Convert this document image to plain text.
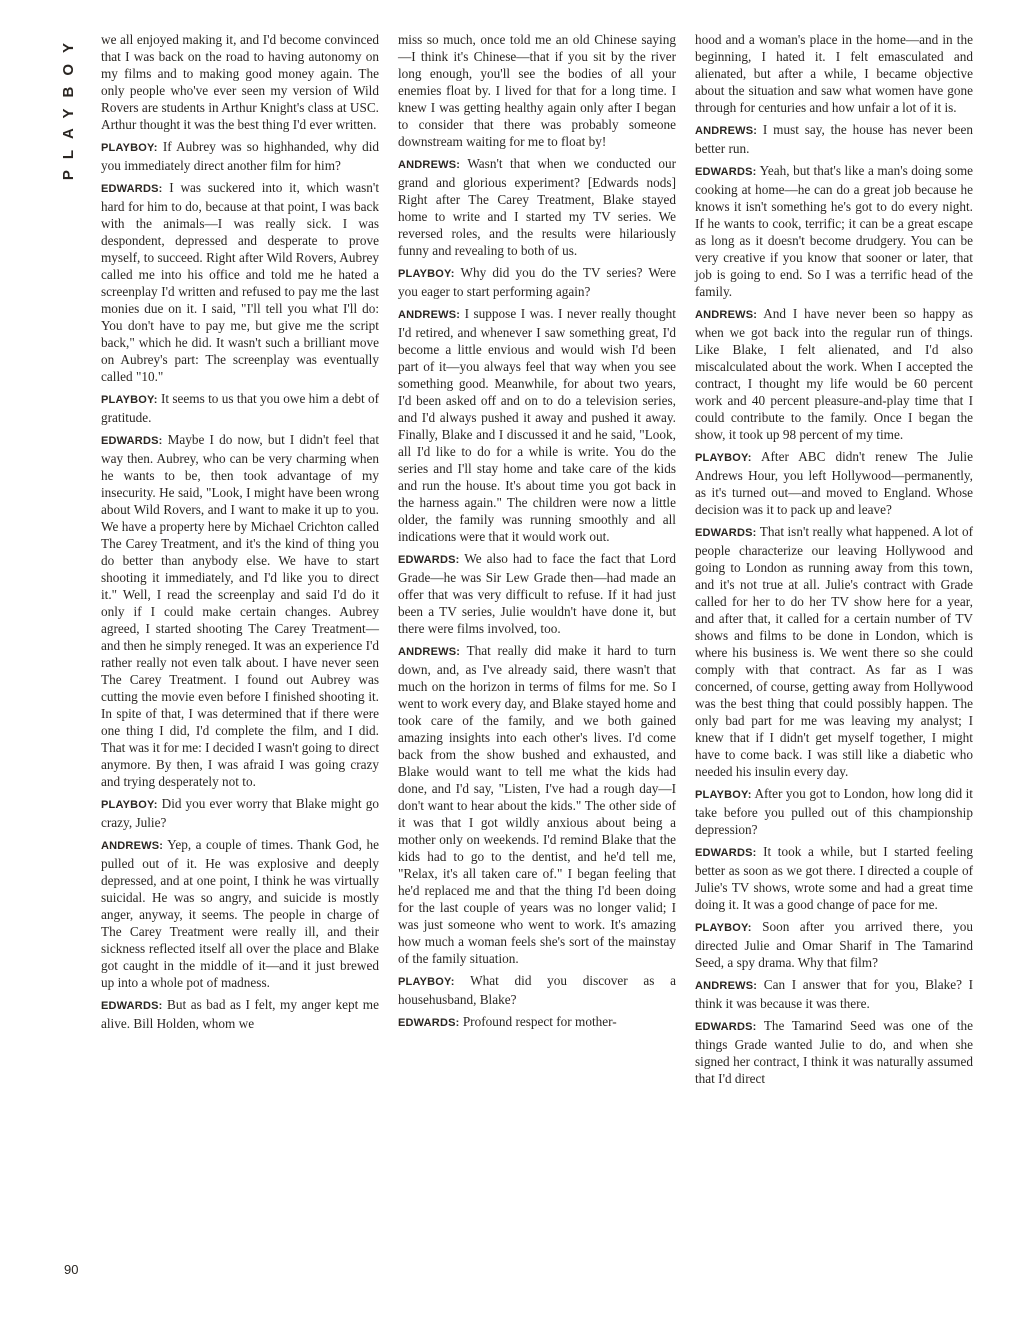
PLAYBOY
90

we all enjoyed making it, and I'd become convinced that I was back on the road to having autonomy on my films and to making good money again. The only people who've ever seen my version of Wild Rovers are students in Arthur Knight's class at USC. Arthur thought it was the best thing I'd ever written.

PLAYBOY: If Aubrey was so highhanded, why did you immediately direct another film for him?

EDWARDS: I was suckered into it, which wasn't hard for him to do, because at that point, I was back with the animals—I was really sick. I was despondent, depressed and desperate to prove myself, to succeed. Right after Wild Rovers, Aubrey called me into his office and told me he hated a screenplay I'd written and refused to pay me the last monies due on it. I said, "I'll tell you what I'll do: You don't have to pay me, but give me the script back," which he did. It wasn't such a brilliant move on Aubrey's part: The screenplay was eventually called "10."

PLAYBOY: It seems to us that you owe him a debt of gratitude.

EDWARDS: Maybe I do now, but I didn't feel that way then. Aubrey, who can be very charming when he wants to be, then took advantage of my insecurity. He said, "Look, I might have been wrong about Wild Rovers, and I want to make it up to you. We have a property here by Michael Crichton called The Carey Treatment, and it's the kind of thing you do better than anybody else. We have to start shooting it immediately, and I'd like you to direct it." Well, I read the screenplay and said I'd do it only if I could make certain changes. Aubrey agreed, I started shooting The Carey Treatment—and then he simply reneged. It was an experience I'd rather really not even talk about. I have never seen The Carey Treatment. I found out Aubrey was cutting the movie even before I finished shooting it. In spite of that, I was determined that if there were one thing I did, I'd complete the film, and I did. That was it for me: I decided I wasn't going to direct anymore. By then, I was afraid I was going crazy and trying desperately not to.

PLAYBOY: Did you ever worry that Blake might go crazy, Julie?

ANDREWS: Yep, a couple of times. Thank God, he pulled out of it. He was explosive and deeply depressed, and at one point, I think he was virtually suicidal. He was so angry, and suicide is mostly anger, anyway, it seems. The people in charge of The Carey Treatment were really ill, and their sickness reflected itself all over the place and Blake got caught in the middle of it—and it just brewed up into a whole pot of madness.

EDWARDS: But as bad as I felt, my anger kept me alive. Bill Holden, whom we

miss so much, once told me an old Chinese saying—I think it's Chinese—that if you sit by the river long enough, you'll see the bodies of all your enemies float by. I lived for that for a long time. I knew I was getting healthy again only after I began to consider that there was probably someone downstream waiting for me to float by!

ANDREWS: Wasn't that when we conducted our grand and glorious experiment? [Edwards nods] Right after The Carey Treatment, Blake stayed home to write and I started my TV series. We reversed roles, and the results were hilariously funny and revealing to both of us.

PLAYBOY: Why did you do the TV series? Were you eager to start performing again?

ANDREWS: I suppose I was. I never really thought I'd retired, and whenever I saw something great, I'd become a little envious and would wish I'd been part of it—you always feel that way when you see something good. Meanwhile, for about two years, I'd been asked off and on to do a television series, and I'd always pushed it away and pushed it away. Finally, Blake and I discussed it and he said, "Look, all I'd like to do for a while is write. You do the series and I'll stay home and take care of the kids and run the house. It's about time you got back in the harness again." The children were now a little older, the family was running smoothly and all indications were that it would work out.

EDWARDS: We also had to face the fact that Lord Grade—he was Sir Lew Grade then—had made an offer that was very difficult to refuse. If it had just been a TV series, Julie wouldn't have done it, but there were films involved, too.

ANDREWS: That really did make it hard to turn down, and, as I've already said, there wasn't that much on the horizon in terms of films for me. So I went to work every day, and Blake stayed home and took care of the family, and we both gained amazing insights into each other's lives. I'd come back from the show bushed and exhausted, and Blake would want to tell me what the kids had done, and I'd say, "Listen, I've had a rough day—I don't want to hear about the kids." The other side of it was that I got wildly anxious about being a mother only on weekends. I'd remind Blake that the kids had to go to the dentist, and he'd tell me, "Relax, it's all taken care of." I began feeling that he'd replaced me and that the thing I'd been doing for the last couple of years was no longer valid; I was just someone who went to work. It's amazing how much a woman feels she's sort of the mainstay of the family situation.

PLAYBOY: What did you discover as a househusband, Blake?

EDWARDS: Profound respect for mother-

hood and a woman's place in the home—and in the beginning, I hated it. I felt emasculated and alienated, but after a while, I became objective about the situation and saw what women have gone through for centuries and how unfair a lot of it is.

ANDREWS: I must say, the house has never been better run.

EDWARDS: Yeah, but that's like a man's doing some cooking at home—he can do a great job because he knows it isn't something he's got to do every night. If he wants to cook, terrific; it can be a great escape as long as it doesn't become drudgery. You can be very creative if you know that sooner or later, that job is going to end. So I was a terrific head of the family.

ANDREWS: And I have never been so happy as when we got back into the regular run of things. Like Blake, I felt alienated, and I'd also miscalculated about the work. When I accepted the contract, I thought my life would be 60 percent work and 40 percent pleasure-and-play time that I could contribute to the family. Once I began the show, it took up 98 percent of my time.

PLAYBOY: After ABC didn't renew The Julie Andrews Hour, you left Hollywood—permanently, as it's turned out—and moved to England. Whose decision was it to pack up and leave?

EDWARDS: That isn't really what happened. A lot of people characterize our leaving Hollywood and going to London as running away from this town, and it's not true at all. Julie's contract with Grade called for her to do her TV show here for a year, and after that, it called for a certain number of TV shows and films to be done in London, which is where his business is. We went there so she could comply with that contract. As far as I was concerned, of course, getting away from Hollywood was the best thing that could possibly happen. The only bad part for me was leaving my analyst; I knew that if I didn't get myself together, I might have to come back. I was still like a diabetic who needed his insulin every day.

PLAYBOY: After you got to London, how long did it take before you pulled out of this championship depression?

EDWARDS: It took a while, but I started feeling better as soon as we got there. I directed a couple of Julie's TV shows, wrote some and had a great time doing it. It was a good change of pace for me.

PLAYBOY: Soon after you arrived there, you directed Julie and Omar Sharif in The Tamarind Seed, a spy drama. Why that film?

ANDREWS: Can I answer that for you, Blake? I think it was because it was there.

EDWARDS: The Tamarind Seed was one of the things Grade wanted Julie to do, and when she signed her contract, I think it was naturally assumed that I'd direct
